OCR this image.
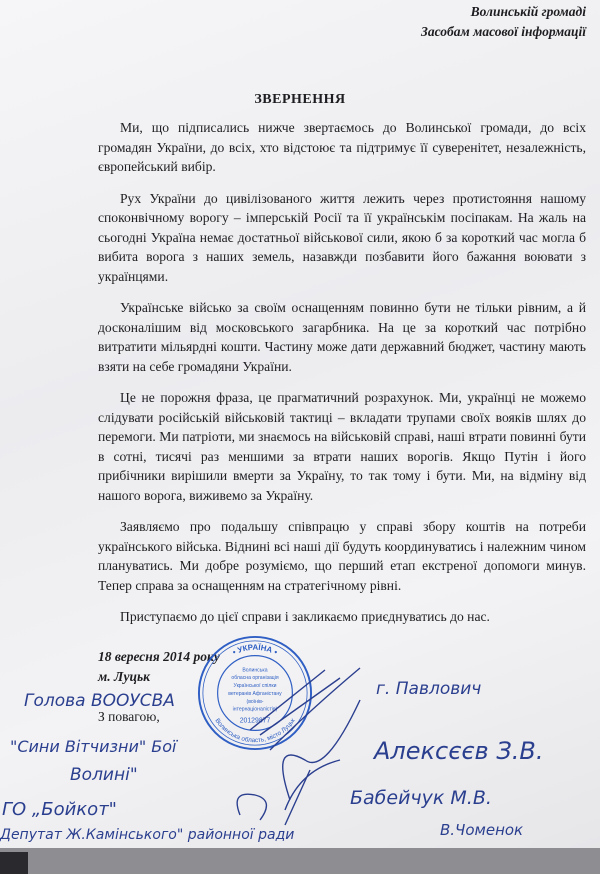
Волинській громаді
Засобам масової інформації
ЗВЕРНЕННЯ

Ми, що підписались нижче звертаємось до Волинської громади, до всіх громадян України, до всіх, хто відстоює та підтримує її суверенітет, незалежність, європейський вибір.

Рух України до цивілізованого життя лежить через протистояння нашому споконвічному ворогу – імперській Росії та її українськім посіпакам. На жаль на сьогодні Україна немає достатньої військової сили, якою б за короткий час могла б вибита ворога з наших земель, назавжди позбавити його бажання воювати з українцями.

Українське військо за своїм оснащенням повинно бути не тільки рівним, а й досконалішим від московського загарбника. На це за короткий час потрібно витратити мільярдні кошти. Частину може дати державний бюджет, частину мають взяти на себе громадяни України.

Це не порожня фраза, це прагматичний розрахунок. Ми, українці не можемо слідувати російській військовій тактиці – вкладати трупами своїх вояків шлях до перемоги. Ми патріоти, ми знаємось на військовій справі, наші втрати повинні бути в сотні, тисячі раз меншими за втрати наших ворогів. Якщо Путін і його прибічники вирішили вмерти за Україну, то так тому і бути. Ми, на відміну від нашого ворога, виживемо за Україну.

Заявляємо про подальшу співпрацю у справі збору коштів на потреби українського війська. Віднині всі наші дії будуть координуватись і належним чином плануватись. Ми добре розуміємо, що перший етап екстреної допомоги минув. Тепер справа за оснащенням на стратегічному рівні.

Приступаємо до цієї справи і закликаємо приєднуватись до нас.

18 вересня 2014 року
м. Луцьк
З повагою,
• УКРАЇНА •
Волинська область, місто Луцьк
Волинська
обласна організація
Української спілки
ветеранів Афганістану
(воїнів-
інтернаціоналістів)
20129877
Голова ВООУСВА
г. Павлович
"Сини Вітчизни" Бої
Волині"
Алексєєв З.В.
ГО „Бойкот"
Бабейчук М.В.
Депутат Ж.Камінського" районної ради	В.Чоменок
